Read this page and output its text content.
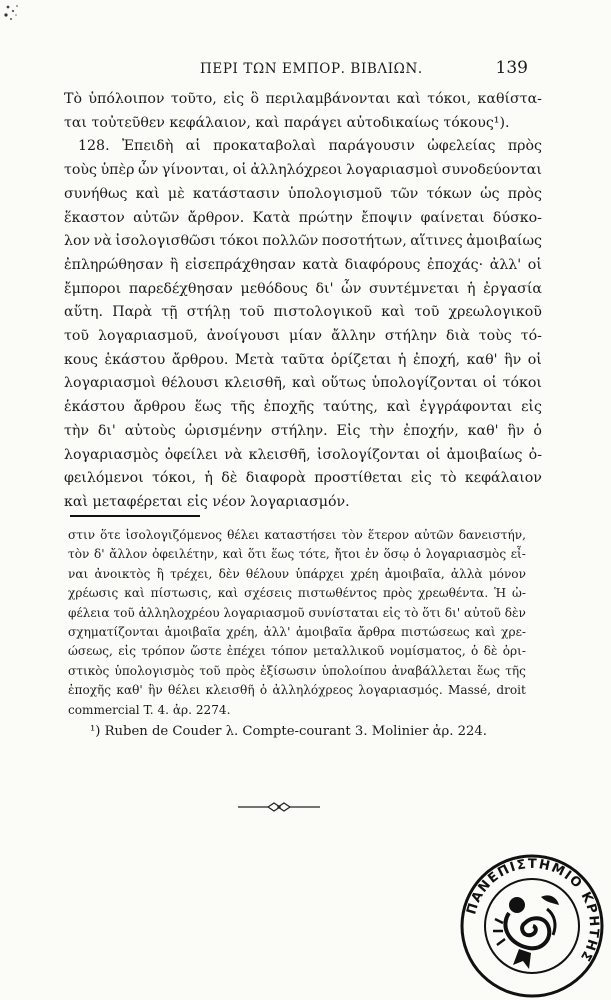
ΠΕΡΙ ΤΩΝ ΕΜΠΟΡ. ΒΙΒΛΙΩΝ.	139
Τὸ ὑπόλοιπον τοῦτο, εἰς ὃ περιλαμβάνονται καὶ τόκοι, καθίστα-
ται τοὐτεῦθεν κεφάλαιον, καὶ παράγει αὐτοδικαίως τόκους¹).
128. Ἐπειδὴ αἱ προκαταβολαὶ παράγουσιν ὠφελείας πρὸς
τοὺς ὑπὲρ ὧν γίνονται, οἱ ἀλληλόχρεοι λογαριασμοὶ συνοδεύονται
συνήθως καὶ μὲ κατάστασιν ὑπολογισμοῦ τῶν τόκων ὡς πρὸς
ἕκαστον αὐτῶν ἄρθρον. Κατὰ πρώτην ἔποψιν φαίνεται δύσκο-
λον νὰ ἰσολογισθῶσι τόκοι πολλῶν ποσοτήτων, αἵτινες ἀμοιβαίως
ἐπληρώθησαν ἢ εἰσεπράχθησαν κατὰ διαφόρους ἐποχάς· ἀλλ' οἱ
ἔμποροι παρεδέχθησαν μεθόδους δι' ὧν συντέμνεται ἡ ἐργασία
αὕτη. Παρὰ τῇ στήλῃ τοῦ πιστολογικοῦ καὶ τοῦ χρεωλογικοῦ
τοῦ λογαριασμοῦ, ἀνοίγουσι μίαν ἄλλην στήλην διὰ τοὺς τό-
κους ἑκάστου ἄρθρου. Μετὰ ταῦτα ὁρίζεται ἡ ἐποχή, καθ' ἣν οἱ
λογαριασμοὶ θέλουσι κλεισθῆ, καὶ οὕτως ὑπολογίζονται οἱ τόκοι
ἑκάστου ἄρθρου ἕως τῆς ἐποχῆς ταύτης, καὶ ἐγγράφονται εἰς
τὴν δι' αὐτοὺς ὡρισμένην στήλην. Εἰς τὴν ἐποχήν, καθ' ἣν ὁ
λογαριασμὸς ὀφείλει νὰ κλεισθῆ, ἰσολογίζονται οἱ ἀμοιβαίως ὀ-
φειλόμενοι τόκοι, ἡ δὲ διαφορὰ προστίθεται εἰς τὸ κεφάλαιον
καὶ μεταφέρεται εἰς νέον λογαριασμόν.
στιν ὅτε ἰσολογιζόμενος θέλει καταστήσει τὸν ἕτερον αὐτῶν δανειστήν,
τὸν δ' ἄλλον ὀφειλέτην, καὶ ὅτι ἕως τότε, ἤτοι ἐν ὅσῳ ὁ λογαριασμὸς εἶ-
ναι ἀνοικτὸς ἢ τρέχει, δὲν θέλουν ὑπάρχει χρέη ἀμοιβαῖα, ἀλλὰ μόνον
χρέωσις καὶ πίστωσις, καὶ σχέσεις πιστωθέντος πρὸς χρεωθέντα. Ἡ ὠ-
φέλεια τοῦ ἀλληλοχρέου λογαριασμοῦ συνίσταται εἰς τὸ ὅτι δι' αὐτοῦ δὲν
σχηματίζονται ἀμοιβαῖα χρέη, ἀλλ' ἀμοιβαῖα ἄρθρα πιστώσεως καὶ χρε-
ώσεως, εἰς τρόπον ὥστε ἐπέχει τόπον μεταλλικοῦ νομίσματος, ὁ δὲ ὁρι-
στικὸς ὑπολογισμὸς τοῦ πρὸς ἐξίσωσιν ὑπολοίπου ἀναβάλλεται ἕως τῆς
ἐποχῆς καθ' ἣν θέλει κλεισθῆ ὁ ἀλληλόχρεος λογαριασμός. Massé, droit
commercial T. 4. ἀρ. 2274.
¹) Ruben de Couder λ. Compte-courant 3. Molinier ἀρ. 224.
ΠΑΝΕΠΙΣΤΗΜΙΟ ΚΡΗΤΗΣ
